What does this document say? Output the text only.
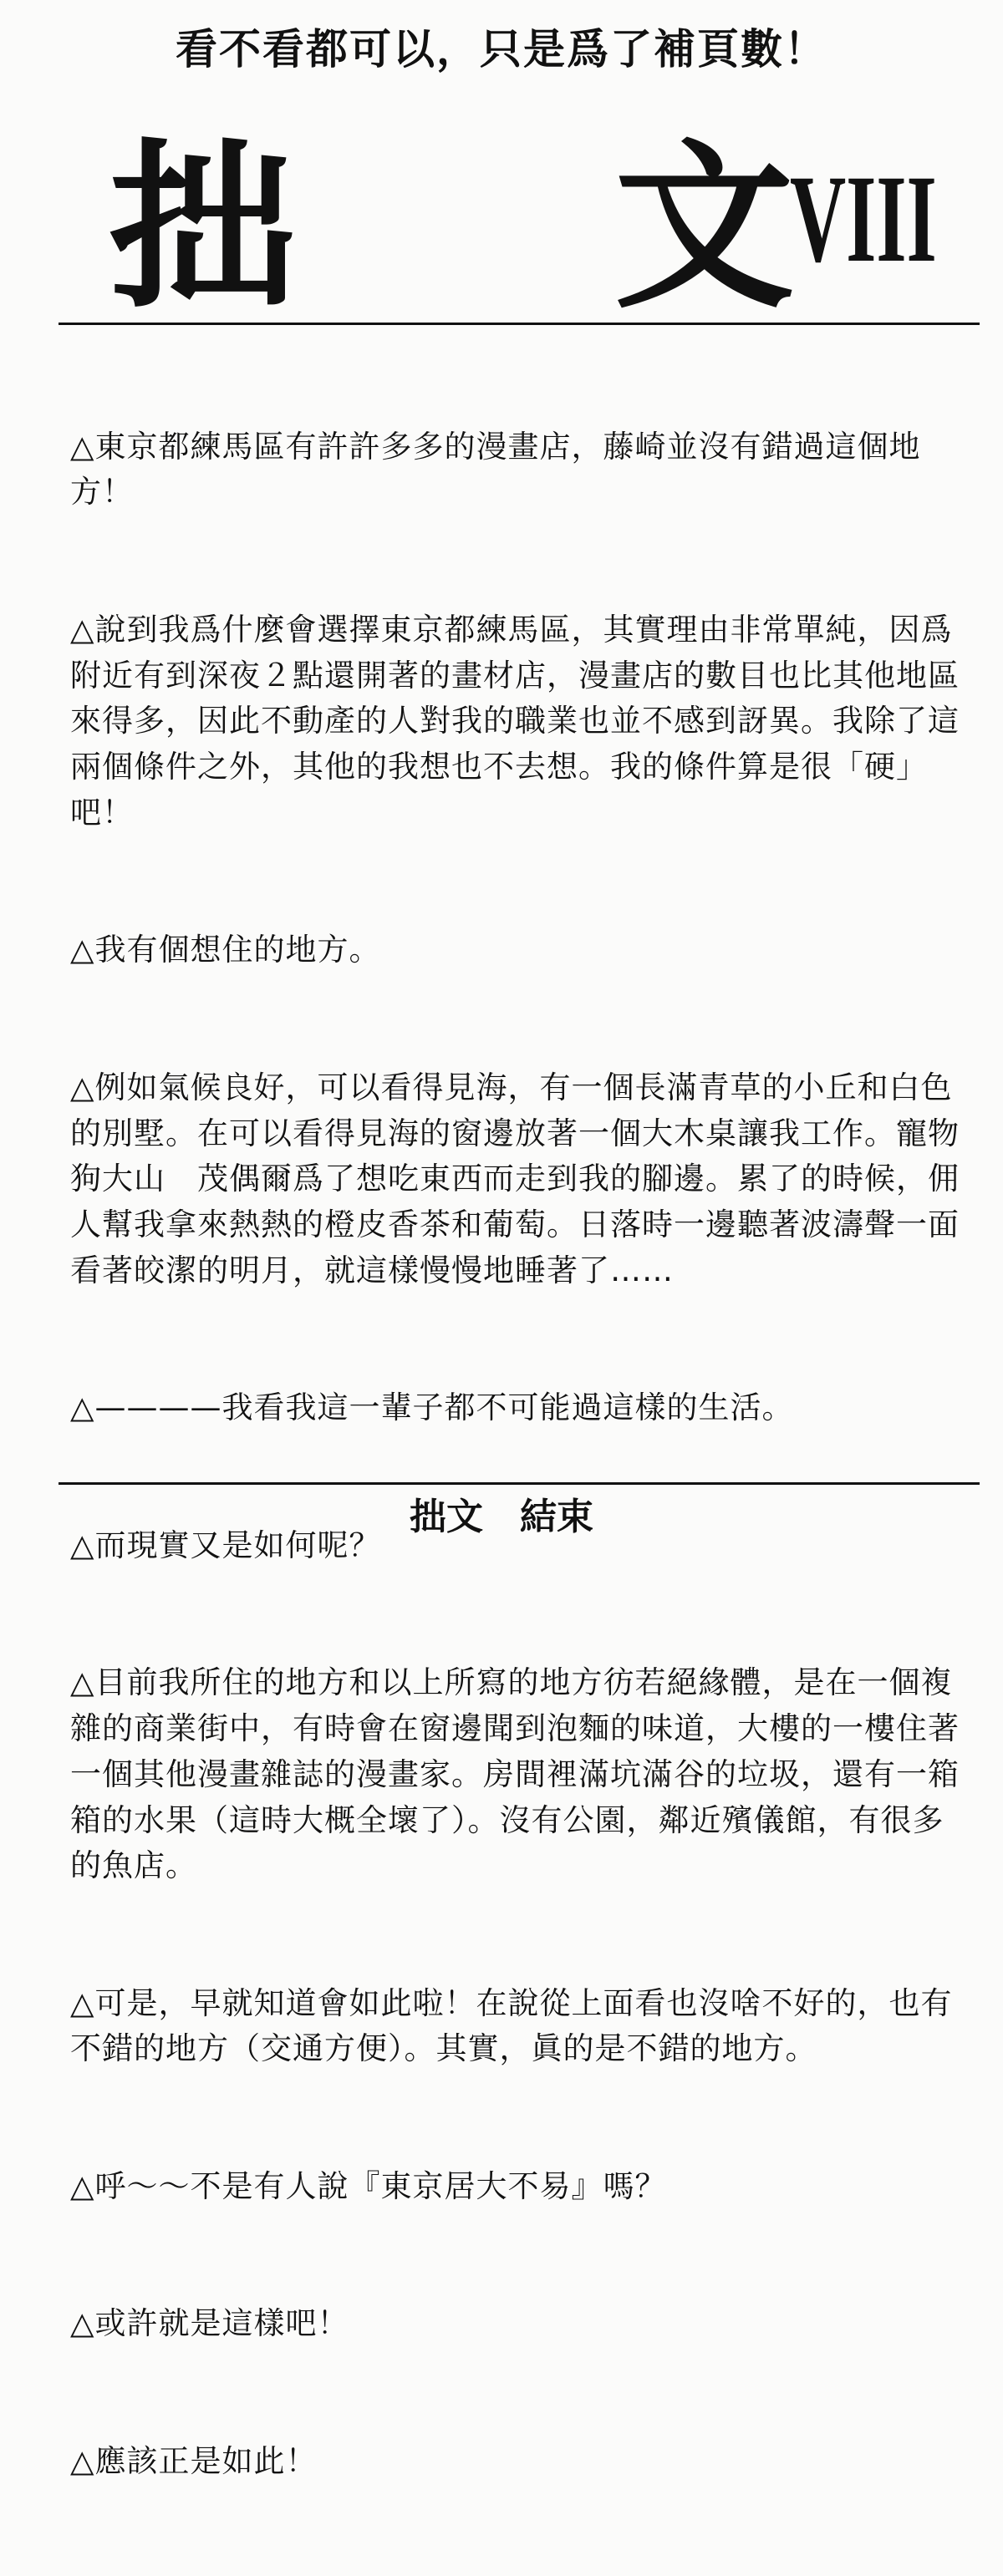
看不看都可以，只是爲了補頁數！
拙 文
VIII

△東京都練馬區有許許多多的漫畫店，藤崎並沒有錯過這個地方！

△說到我爲什麼會選擇東京都練馬區，其實理由非常單純，因爲附近有到深夜２點還開著的畫材店，漫畫店的數目也比其他地區來得多，因此不動產的人對我的職業也並不感到訝異。我除了這兩個條件之外，其他的我想也不去想。我的條件算是很「硬」吧！

△我有個想住的地方。

△例如氣候良好，可以看得見海，有一個長滿青草的小丘和白色的別墅。在可以看得見海的窗邊放著一個大木桌讓我工作。寵物狗大山　茂偶爾爲了想吃東西而走到我的腳邊。累了的時候，佣人幫我拿來熱熱的橙皮香茶和葡萄。日落時一邊聽著波濤聲一面看著皎潔的明月，就這樣慢慢地睡著了……

△————我看我這一輩子都不可能過這樣的生活。

△而現實又是如何呢？

△目前我所住的地方和以上所寫的地方彷若絕緣體，是在一個複雜的商業街中，有時會在窗邊聞到泡麵的味道，大樓的一樓住著一個其他漫畫雜誌的漫畫家。房間裡滿坑滿谷的垃圾，還有一箱箱的水果（這時大概全壞了）。沒有公園，鄰近殯儀館，有很多的魚店。

△可是，早就知道會如此啦！在說從上面看也沒啥不好的，也有不錯的地方（交通方便）。其實，眞的是不錯的地方。

△呼～～不是有人說『東京居大不易』嗎？

△或許就是這樣吧！

△應該正是如此！

拙文 結束
